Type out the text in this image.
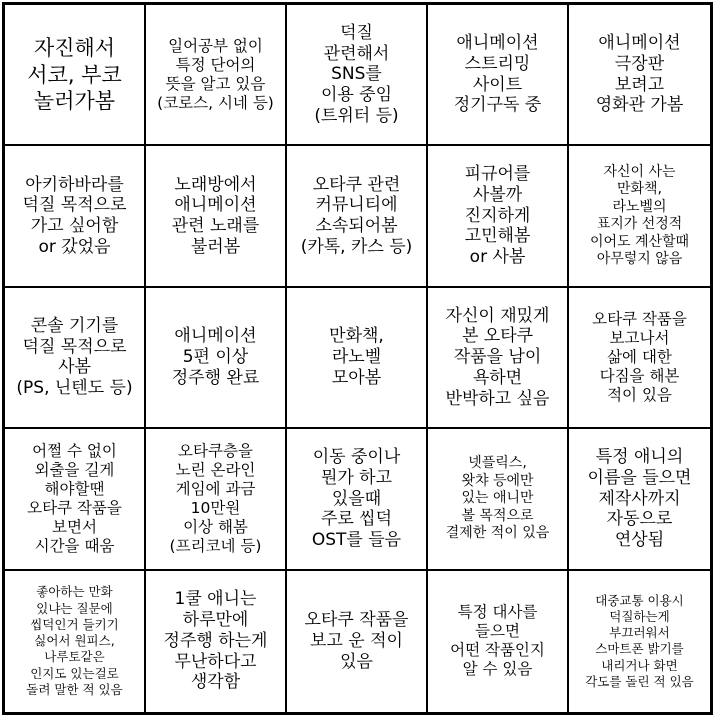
자진해서
서코, 부코
놀러가봄
일어공부 없이
특정 단어의
뜻을 알고 있음
(코로스, 시네 등)
덕질
관련해서
SNS를
이용 중임
(트위터 등)
애니메이션
스트리밍
사이트
정기구독 중
애니메이션
극장판
보려고
영화관 가봄
아키하바라를
덕질 목적으로
가고 싶어함
or 갔었음
노래방에서
애니메이션
관련 노래를
불러봄
오타쿠 관련
커뮤니티에
소속되어봄
(카톡, 카스 등)
피규어를
사볼까
진지하게
고민해봄
or 사봄
자신이 사는
만화책,
라노벨의
표지가 선정적
이어도 계산할때
아무렇지 않음
콘솔 기기를
덕질 목적으로
사봄
(PS, 닌텐도 등)
애니메이션
5편 이상
정주행 완료
만화책,
라노벨
모아봄
자신이 재밌게
본 오타쿠
작품을 남이
욕하면
반박하고 싶음
오타쿠 작품을
보고나서
삶에 대한
다짐을 해본
적이 있음
어쩔 수 없이
외출을 길게
해야할땐
오타쿠 작품을
보면서
시간을 때움
오타쿠층을
노린 온라인
게임에 과금
10만원
이상 해봄
(프리코네 등)
이동 중이나
뭔가 하고
있을때
주로 씹덕
OST를 들음
넷플릭스,
왓챠 등에만
있는 애니만
볼 목적으로
결제한 적이 있음
특정 애니의
이름을 들으면
제작사까지
자동으로
연상됨
좋아하는 만화
있냐는 질문에
씹덕인거 들키기
싫어서 원피스,
나루토같은
인지도 있는걸로
돌려 말한 적 있음
1쿨 애니는
하루만에
정주행 하는게
무난하다고
생각함
오타쿠 작품을
보고 운 적이
있음
특정 대사를
들으면
어떤 작품인지
알 수 있음
대중교통 이용시
덕질하는게
부끄러워서
스마트폰 밝기를
내리거나 화면
각도를 돌린 적 있음
